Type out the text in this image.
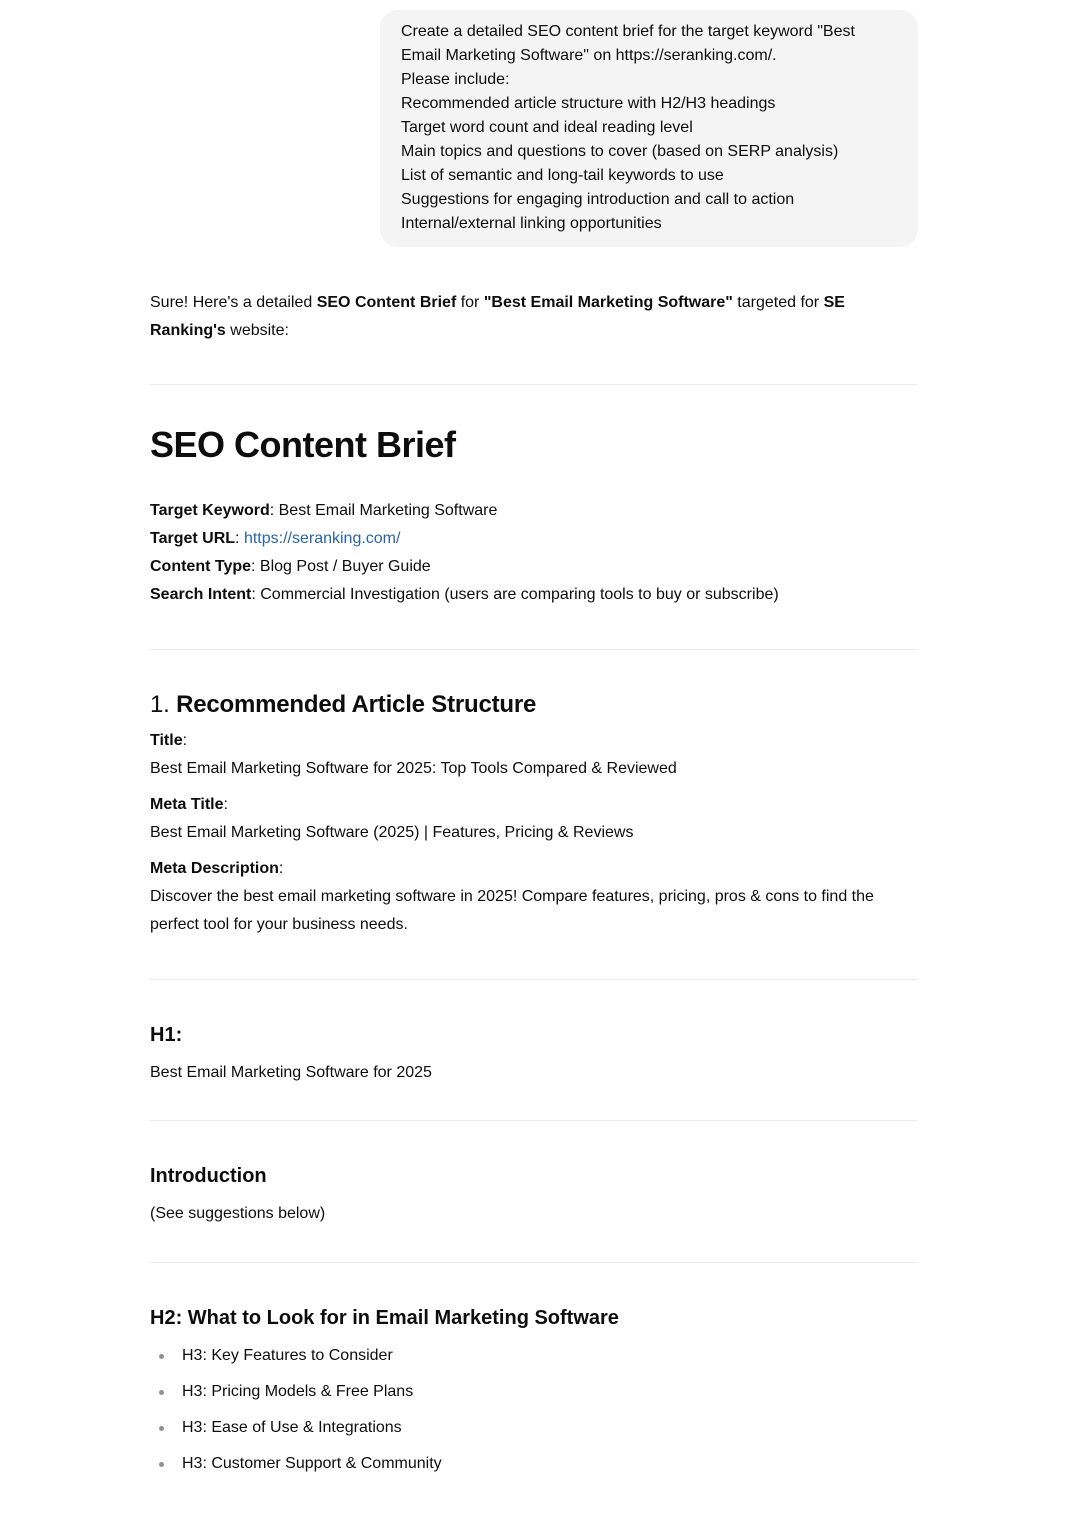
Create a detailed SEO content brief for the target keyword "Best
Email Marketing Software" on https://seranking.com/.
Please include:
Recommended article structure with H2/H3 headings
Target word count and ideal reading level
Main topics and questions to cover (based on SERP analysis)
List of semantic and long-tail keywords to use
Suggestions for engaging introduction and call to action
Internal/external linking opportunities

Sure! Here's a detailed SEO Content Brief for "Best Email Marketing Software" targeted for SE Ranking's website:

SEO Content Brief

Target Keyword: Best Email Marketing Software

Target URL: https://seranking.com/

Content Type: Blog Post / Buyer Guide

Search Intent: Commercial Investigation (users are comparing tools to buy or subscribe)

1. Recommended Article Structure

Title:

Best Email Marketing Software for 2025: Top Tools Compared & Reviewed

Meta Title:

Best Email Marketing Software (2025) | Features, Pricing & Reviews

Meta Description:

Discover the best email marketing software in 2025! Compare features, pricing, pros & cons to find the perfect tool for your business needs.

H1:

Best Email Marketing Software for 2025

Introduction

(See suggestions below)

H2: What to Look for in Email Marketing Software
H3: Key Features to Consider
H3: Pricing Models & Free Plans
H3: Ease of Use & Integrations
H3: Customer Support & Community
